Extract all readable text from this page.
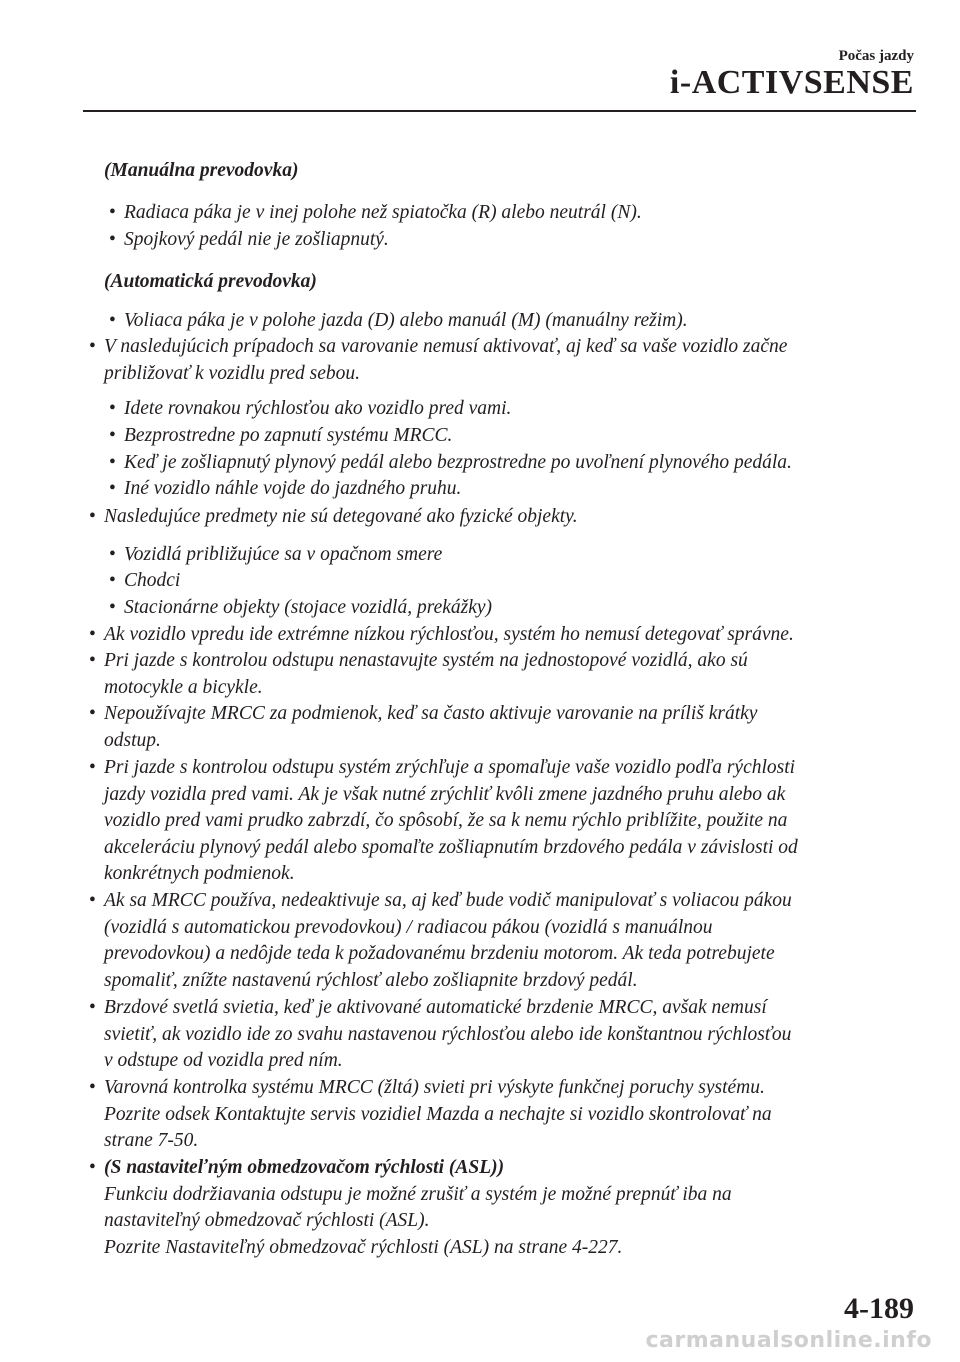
Počas jazdy
i-ACTIVSENSE
(Manuálna prevodovka)
• Radiaca páka je v inej polohe než spiatočka (R) alebo neutrál (N).
• Spojkový pedál nie je zošliapnutý.
(Automatická prevodovka)
• Voliaca páka je v polohe jazda (D) alebo manuál (M) (manuálny režim).
• V nasledujúcich prípadoch sa varovanie nemusí aktivovať, aj keď sa vaše vozidlo začne
približovať k vozidlu pred sebou.
• Idete rovnakou rýchlosťou ako vozidlo pred vami.
• Bezprostredne po zapnutí systému MRCC.
• Keď je zošliapnutý plynový pedál alebo bezprostredne po uvoľnení plynového pedála.
• Iné vozidlo náhle vojde do jazdného pruhu.
• Nasledujúce predmety nie sú detegované ako fyzické objekty.
• Vozidlá približujúce sa v opačnom smere
• Chodci
• Stacionárne objekty (stojace vozidlá, prekážky)
• Ak vozidlo vpredu ide extrémne nízkou rýchlosťou, systém ho nemusí detegovať správne.
• Pri jazde s kontrolou odstupu nenastavujte systém na jednostopové vozidlá, ako sú
motocykle a bicykle.
• Nepoužívajte MRCC za podmienok, keď sa často aktivuje varovanie na príliš krátky
odstup.
• Pri jazde s kontrolou odstupu systém zrýchľuje a spomaľuje vaše vozidlo podľa rýchlosti
jazdy vozidla pred vami. Ak je však nutné zrýchliť kvôli zmene jazdného pruhu alebo ak
vozidlo pred vami prudko zabrzdí, čo spôsobí, že sa k nemu rýchlo priblížite, použite na
akceleráciu plynový pedál alebo spomaľte zošliapnutím brzdového pedála v závislosti od
konkrétnych podmienok.
• Ak sa MRCC používa, nedeaktivuje sa, aj keď bude vodič manipulovať s voliacou pákou
(vozidlá s automatickou prevodovkou) / radiacou pákou (vozidlá s manuálnou
prevodovkou) a nedôjde teda k požadovanému brzdeniu motorom. Ak teda potrebujete
spomaliť, znížte nastavenú rýchlosť alebo zošliapnite brzdový pedál.
• Brzdové svetlá svietia, keď je aktivované automatické brzdenie MRCC, avšak nemusí
svietiť, ak vozidlo ide zo svahu nastavenou rýchlosťou alebo ide konštantnou rýchlosťou
v odstupe od vozidla pred ním.
• Varovná kontrolka systému MRCC (žltá) svieti pri výskyte funkčnej poruchy systému.
Pozrite odsek Kontaktujte servis vozidiel Mazda a nechajte si vozidlo skontrolovať na
strane 7-50.
• (S nastaviteľným obmedzovačom rýchlosti (ASL))
Funkciu dodržiavania odstupu je možné zrušiť a systém je možné prepnúť iba na
nastaviteľný obmedzovač rýchlosti (ASL).
Pozrite Nastaviteľný obmedzovač rýchlosti (ASL) na strane 4-227.
4-189
carmanualsonline.info
